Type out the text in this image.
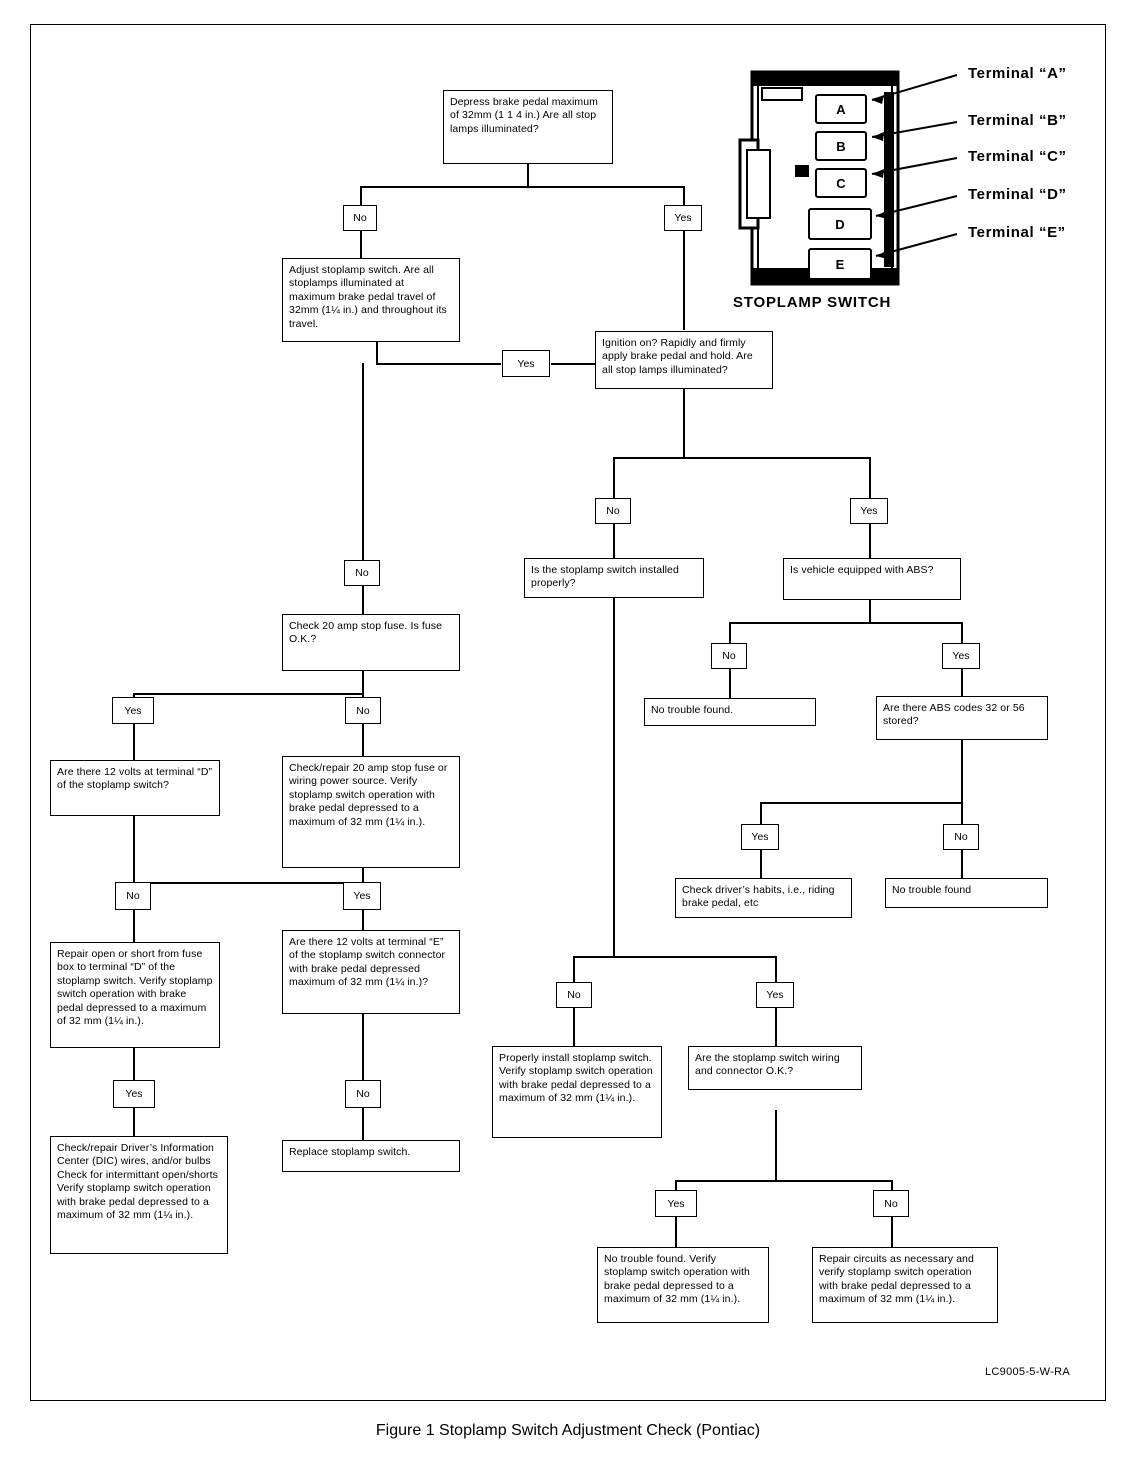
A
B
C
D
E
STOPLAMP SWITCH
Terminal “A”
Terminal “B”
Terminal “C”
Terminal “D”
Terminal “E”
Depress brake pedal maximum of 32mm (1 1 4 in.) Are all stop lamps illuminated?
No	Yes
Adjust stoplamp switch. Are all stoplamps illuminated at maximum brake pedal travel of 32mm (1¼ in.) and throughout its travel.
Yes
Ignition on? Rapidly and firmly apply brake pedal and hold. Are all stop lamps illuminated?
No
No	Yes
Is the stoplamp switch installed properly?
Is vehicle equipped with ABS?
No	Yes
No trouble found.	Are there ABS codes 32 or 56 stored?
Check 20 amp stop fuse. Is fuse O.K.?
Yes	No
Are there 12 volts at terminal “D” of the stoplamp switch?
Check/repair 20 amp stop fuse or wiring power source. Verify stoplamp switch operation with brake pedal depressed to a maximum of 32 mm (1¼ in.).
Yes	No
Check driver’s habits, i.e., riding brake pedal, etc
No trouble found
No	Yes
Repair open or short from fuse box to terminal “D” of the stoplamp switch. Verify stoplamp switch operation with brake pedal depressed to a maximum of 32 mm (1¼ in.).
Are there 12 volts at terminal “E” of the stoplamp switch connector with brake pedal depressed maximum of 32 mm (1¼ in.)?
No	Yes
Properly install stoplamp switch. Verify stoplamp switch operation with brake pedal depressed to a maximum of 32 mm (1¼ in.).
Are the stoplamp switch wiring and connector O.K.?
Yes	No
Check/repair Driver’s Information Center (DIC) wires, and/or bulbs Check for intermittant open/shorts Verify stoplamp switch operation with brake pedal depressed to a maximum of 32 mm (1¼ in.).
Replace stoplamp switch.
Yes	No
No trouble found. Verify stoplamp switch operation with brake pedal depressed to a maximum of 32 mm (1¼ in.).
Repair circuits as necessary and verify stoplamp switch operation with brake pedal depressed to a maximum of 32 mm (1¼ in.).
LC9005-5-W-RA
Figure 1 Stoplamp Switch Adjustment Check (Pontiac)
